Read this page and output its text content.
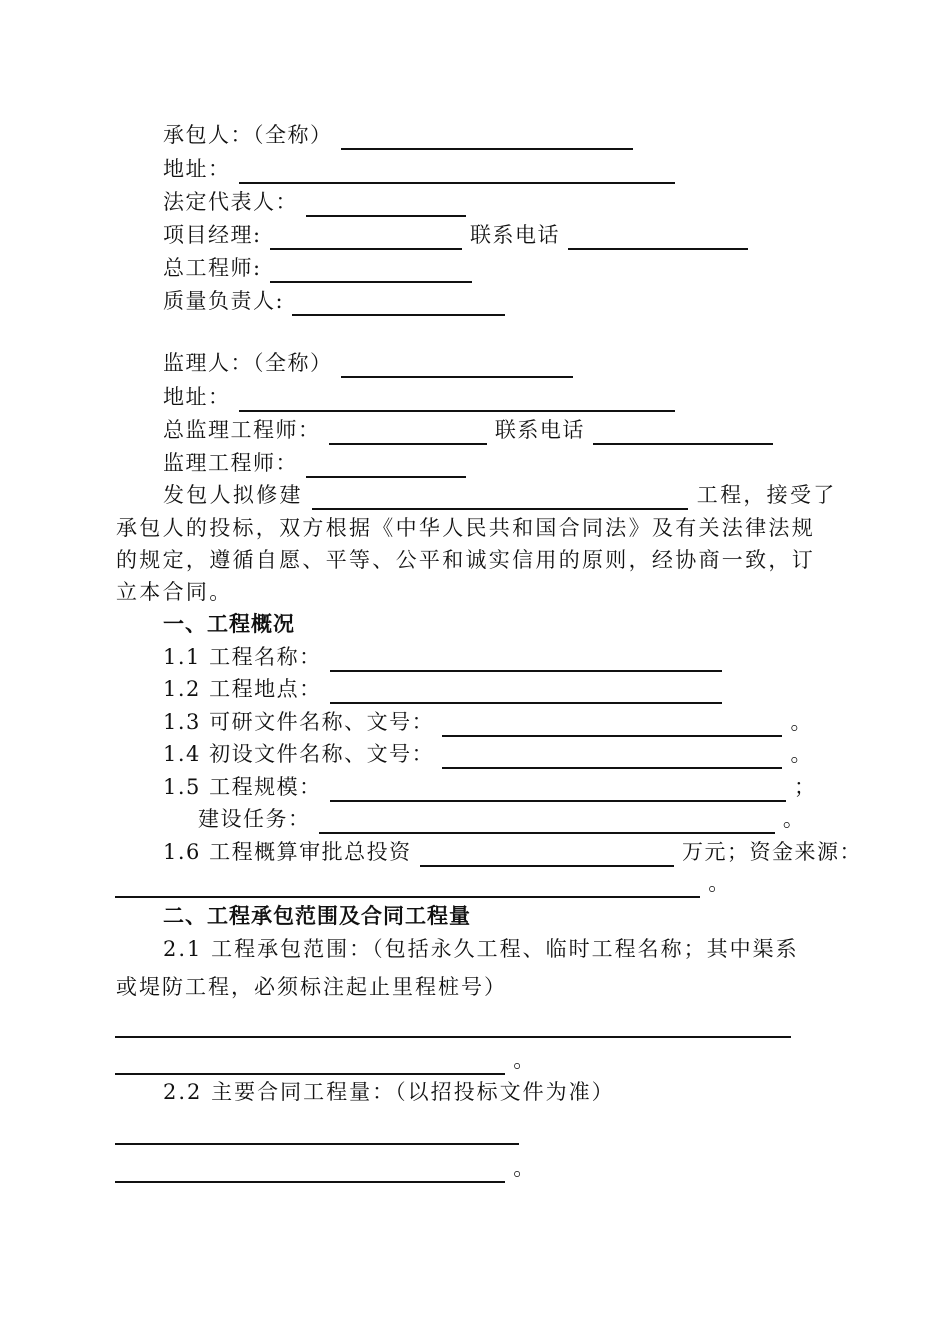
承包人：（全称）
地址：
法定代表人：
项目经理:	联系电话
总工程师:
质量负责人:
监理人：（全称）
地址：
总监理工程师：	联系电话
监理工程师：
发包人拟修建	工程，接受了
承包人的投标，双方根据《中华人民共和国合同法》及有关法律法规
的规定，遵循自愿、平等、公平和诚实信用的原则，经协商一致，订
立本合同。
一、工程概况
1.1 工程名称：
1.2 工程地点：
1.3 可研文件名称、文号：	。
1.4 初设文件名称、文号：	。
1.5 工程规模：	；
建设任务：	。
1.6 工程概算审批总投资	万元；资金来源：
。
二、工程承包范围及合同工程量
2.1 工程承包范围：（包括永久工程、临时工程名称；其中渠系
或堤防工程，必须标注起止里程桩号）
。
2.2 主要合同工程量：（以招投标文件为准）
。
